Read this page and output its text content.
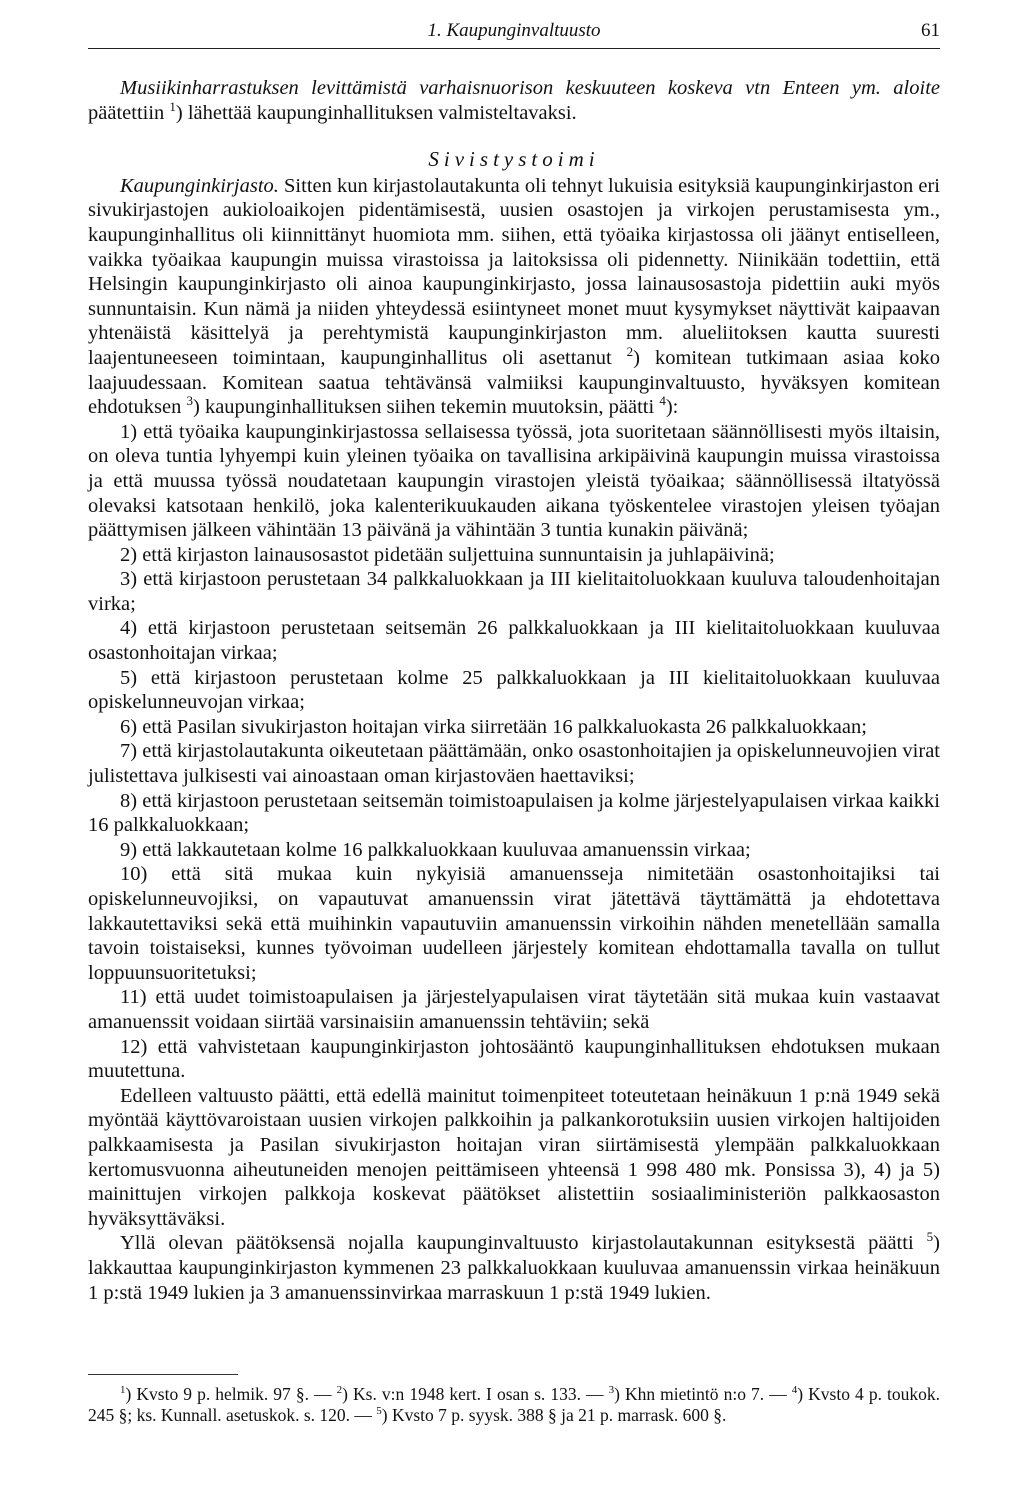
1. Kaupunginvaltuusto	61

Musiikinharrastuksen levittämistä varhaisnuorison keskuuteen koskeva vtn Enteen ym. aloite päätettiin $^1$) lähettää kaupunginhallituksen valmisteltavaksi.

Sivistystoimi

Kaupunginkirjasto. Sitten kun kirjastolautakunta oli tehnyt lukuisia esityksiä kaupunginkirjaston eri sivukirjastojen aukioloaikojen pidentämisestä, uusien osastojen ja virkojen perustamisesta ym., kaupunginhallitus oli kiinnittänyt huomiota mm. siihen, että työaika kirjastossa oli jäänyt entiselleen, vaikka työaikaa kaupungin muissa virastoissa ja laitoksissa oli pidennetty. Niinikään todettiin, että Helsingin kaupunginkirjasto oli ainoa kaupunginkirjasto, jossa lainausosastoja pidettiin auki myös sunnuntaisin. Kun nämä ja niiden yhteydessä esiintyneet monet muut kysymykset näyttivät kaipaavan yhtenäistä käsittelyä ja perehtymistä kaupunginkirjaston mm. alueliitoksen kautta suuresti laajentuneeseen toimintaan, kaupunginhallitus oli asettanut $^2$) komitean tutkimaan asiaa koko laajuudessaan. Komitean saatua tehtävänsä valmiiksi kaupunginvaltuusto, hyväksyen komitean ehdotuksen $^3$) kaupunginhallituksen siihen tekemin muutoksin, päätti $^4$):

1) että työaika kaupunginkirjastossa sellaisessa työssä, jota suoritetaan säännöllisesti myös iltaisin, on oleva tuntia lyhyempi kuin yleinen työaika on tavallisina arkipäivinä kaupungin muissa virastoissa ja että muussa työssä noudatetaan kaupungin virastojen yleistä työaikaa; säännöllisessä iltatyössä olevaksi katsotaan henkilö, joka kalenterikuukauden aikana työskentelee virastojen yleisen työajan päättymisen jälkeen vähintään 13 päivänä ja vähintään 3 tuntia kunakin päivänä;

2) että kirjaston lainausosastot pidetään suljettuina sunnuntaisin ja juhlapäivinä;

3) että kirjastoon perustetaan 34 palkkaluokkaan ja III kielitaitoluokkaan kuuluva taloudenhoitajan virka;

4) että kirjastoon perustetaan seitsemän 26 palkkaluokkaan ja III kielitaitoluokkaan kuuluvaa osastonhoitajan virkaa;

5) että kirjastoon perustetaan kolme 25 palkkaluokkaan ja III kielitaitoluokkaan kuuluvaa opiskelunneuvojan virkaa;

6) että Pasilan sivukirjaston hoitajan virka siirretään 16 palkkaluokasta 26 palkkaluokkaan;

7) että kirjastolautakunta oikeutetaan päättämään, onko osastonhoitajien ja opiskelunneuvojien virat julistettava julkisesti vai ainoastaan oman kirjastoväen haettaviksi;

8) että kirjastoon perustetaan seitsemän toimistoapulaisen ja kolme järjestelyapulaisen virkaa kaikki 16 palkkaluokkaan;

9) että lakkautetaan kolme 16 palkkaluokkaan kuuluvaa amanuenssin virkaa;

10) että sitä mukaa kuin nykyisiä amanuensseja nimitetään osastonhoitajiksi tai opiskelunneuvojiksi, on vapautuvat amanuenssin virat jätettävä täyttämättä ja ehdotettava lakkautettaviksi sekä että muihinkin vapautuviin amanuenssin virkoihin nähden menetellään samalla tavoin toistaiseksi, kunnes työvoiman uudelleen järjestely komitean ehdottamalla tavalla on tullut loppuunsuoritetuksi;

11) että uudet toimistoapulaisen ja järjestelyapulaisen virat täytetään sitä mukaa kuin vastaavat amanuenssit voidaan siirtää varsinaisiin amanuenssin tehtäviin; sekä

12) että vahvistetaan kaupunginkirjaston johtosääntö kaupunginhallituksen ehdotuksen mukaan muutettuna.

Edelleen valtuusto päätti, että edellä mainitut toimenpiteet toteutetaan heinäkuun 1 p:nä 1949 sekä myöntää käyttövaroistaan uusien virkojen palkkoihin ja palkankorotuksiin uusien virkojen haltijoiden palkkaamisesta ja Pasilan sivukirjaston hoitajan viran siirtämisestä ylempään palkkaluokkaan kertomusvuonna aiheutuneiden menojen peittämiseen yhteensä 1 998 480 mk. Ponsissa 3), 4) ja 5) mainittujen virkojen palkkoja koskevat päätökset alistettiin sosiaaliministeriön palkkaosaston hyväksyttäväksi.

Yllä olevan päätöksensä nojalla kaupunginvaltuusto kirjastolautakunnan esityksestä päätti $^5$) lakkauttaa kaupunginkirjaston kymmenen 23 palkkaluokkaan kuuluvaa amanuenssin virkaa heinäkuun 1 p:stä 1949 lukien ja 3 amanuenssinvirkaa marraskuun 1 p:stä 1949 lukien.

$^1$) Kvsto 9 p. helmik. 97 §. — $^2$) Ks. v:n 1948 kert. I osan s. 133. — $^3$) Khn mietintö n:o 7. — $^4$) Kvsto 4 p. toukok. 245 §; ks. Kunnall. asetuskok. s. 120. — $^5$) Kvsto 7 p. syysk. 388 § ja 21 p. marrask. 600 §.
